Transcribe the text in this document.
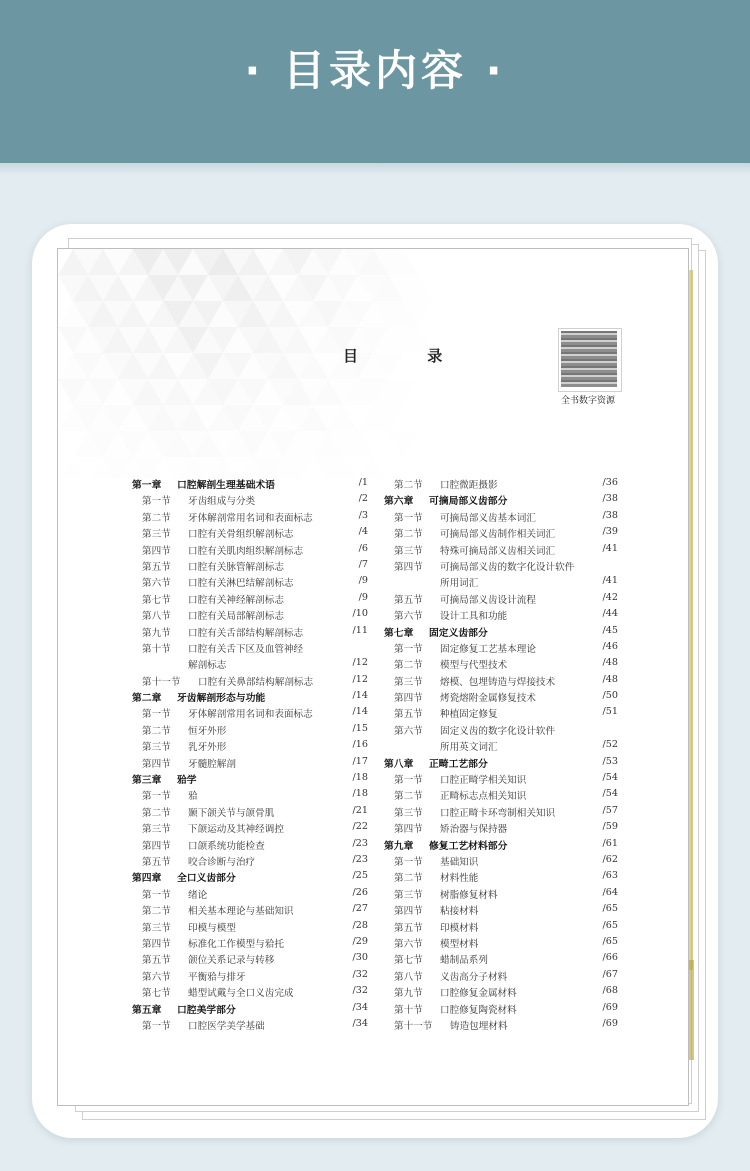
· 目录内容 ·
目 录
全书数字资源
第一章 口腔解剖生理基础术语	/1
第一节 牙齿组成与分类	/2
第二节 牙体解剖常用名词和表面标志	/3
第三节 口腔有关骨组织解剖标志	/4
第四节 口腔有关肌肉组织解剖标志	/6
第五节 口腔有关脉管解剖标志	/7
第六节 口腔有关淋巴结解剖标志	/9
第七节 口腔有关神经解剖标志	/9
第八节 口腔有关局部解剖标志	/10
第九节 口腔有关舌部结构解剖标志	/11
第十节 口腔有关舌下区及血管神经
解剖标志	/12
第十一节 口腔有关鼻部结构解剖标志	/12
第二章 牙齿解剖形态与功能	/14
第一节 牙体解剖常用名词和表面标志	/14
第二节 恒牙外形	/15
第三节 乳牙外形	/16
第四节 牙髓腔解剖	/17
第三章 𬌗学	/18
第一节 𬌗	/18
第二节 颞下颌关节与颌骨肌	/21
第三节 下颌运动及其神经调控	/22
第四节 口颌系统功能检查	/23
第五节 咬合诊断与治疗	/23
第四章 全口义齿部分	/25
第一节 绪论	/26
第二节 相关基本理论与基础知识	/27
第三节 印模与模型	/28
第四节 标准化工作模型与𬌗托	/29
第五节 颌位关系记录与转移	/30
第六节 平衡𬌗与排牙	/32
第七节 蜡型试戴与全口义齿完成	/32
第五章 口腔美学部分	/34
第一节 口腔医学美学基础	/34
第二节 口腔微距摄影	/36
第六章 可摘局部义齿部分	/38
第一节 可摘局部义齿基本词汇	/38
第二节 可摘局部义齿制作相关词汇	/39
第三节 特殊可摘局部义齿相关词汇	/41
第四节 可摘局部义齿的数字化设计软件
所用词汇	/41
第五节 可摘局部义齿设计流程	/42
第六节 设计工具和功能	/44
第七章 固定义齿部分	/45
第一节 固定修复工艺基本理论	/46
第二节 模型与代型技术	/48
第三节 熔模、包埋铸造与焊接技术	/48
第四节 烤瓷熔附金属修复技术	/50
第五节 种植固定修复	/51
第六节 固定义齿的数字化设计软件
所用英文词汇	/52
第八章 正畸工艺部分	/53
第一节 口腔正畸学相关知识	/54
第二节 正畸标志点相关知识	/54
第三节 口腔正畸卡环弯制相关知识	/57
第四节 矫治器与保持器	/59
第九章 修复工艺材料部分	/61
第一节 基础知识	/62
第二节 材料性能	/63
第三节 树脂修复材料	/64
第四节 粘接材料	/65
第五节 印模材料	/65
第六节 模型材料	/65
第七节 蜡制品系列	/66
第八节 义齿高分子材料	/67
第九节 口腔修复金属材料	/68
第十节 口腔修复陶瓷材料	/69
第十一节 铸造包埋材料	/69
